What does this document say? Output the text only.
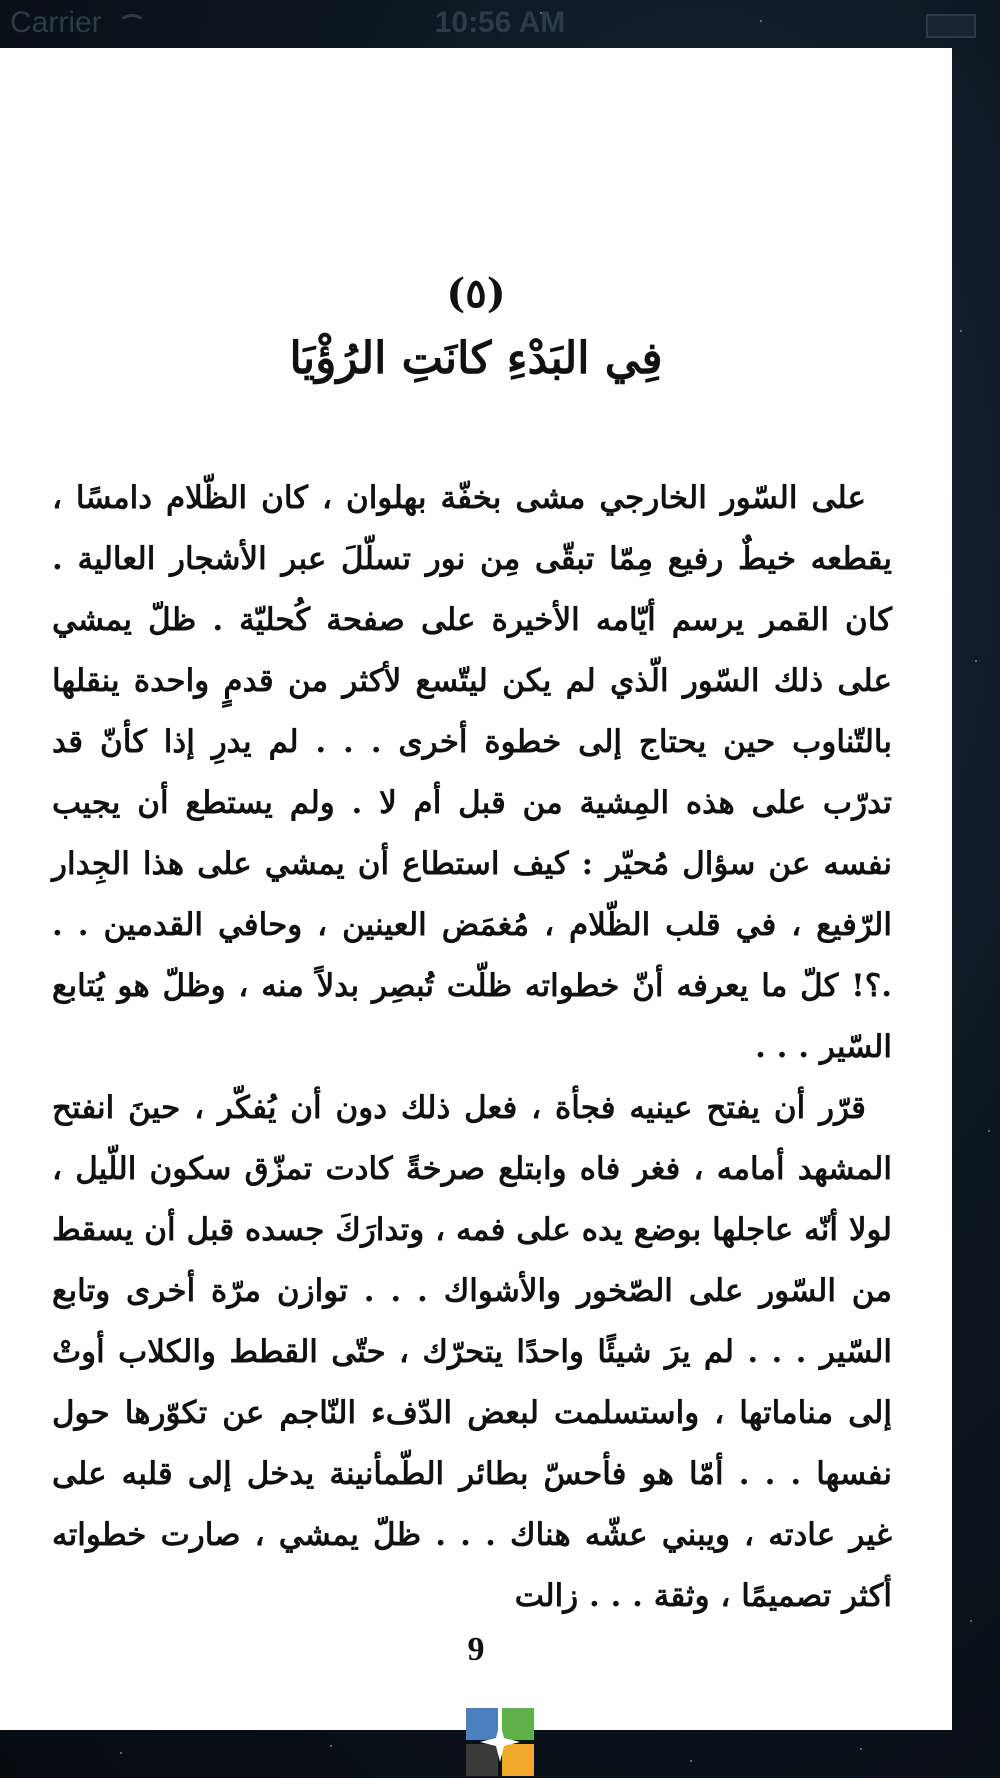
Carrier	10:56 AM
(٥)
فِي البَدْءِ كانَتِ الرُؤْيَا

على السّور الخارجي مشى بخفّة بهلوان ، كان الظّلام دامسًا ، يقطعه خيطٌ رفيع مِمّا تبقّى مِن نور تسلّلَ عبر الأشجار العالية . كان القمر يرسم أيّامه الأخيرة على صفحة كُحليّة . ظلّ يمشي على ذلك السّور الّذي لم يكن ليتّسع لأكثر من قدمٍ واحدة ينقلها بالتّناوب حين يحتاج إلى خطوة أخرى . . . لم يدرِ إذا كأنّ قد تدرّب على هذه المِشية من قبل أم لا . ولم يستطع أن يجيب نفسه عن سؤال مُحيّر : كيف استطاع أن يمشي على هذا الجِدار الرّفيع ، في قلب الظّلام ، مُغمَض العينين ، وحافي القدمين . . .؟! كلّ ما يعرفه أنّ خطواته ظلّت تُبصِر بدلاً منه ، وظلّ هو يُتابع السّير . . .

قرّر أن يفتح عينيه فجأة ، فعل ذلك دون أن يُفكّر ، حينَ انفتح المشهد أمامه ، فغر فاه وابتلع صرخةً كادت تمزّق سكون اللّيل ، لولا أنّه عاجلها بوضع يده على فمه ، وتدارَكَ جسده قبل أن يسقط من السّور على الصّخور والأشواك . . . توازن مرّة أخرى وتابع السّير . . . لم يرَ شيئًا واحدًا يتحرّك ، حتّى القطط والكلاب أوتْ إلى مناماتها ، واستسلمت لبعض الدّفء النّاجم عن تكوّرها حول نفسها . . . أمّا هو فأحسّ بطائر الطّمأنينة يدخل إلى قلبه على غير عادته ، ويبني عشّه هناك . . . ظلّ يمشي ، صارت خطواته أكثر تصميمًا ، وثقة . . . زالت

9
